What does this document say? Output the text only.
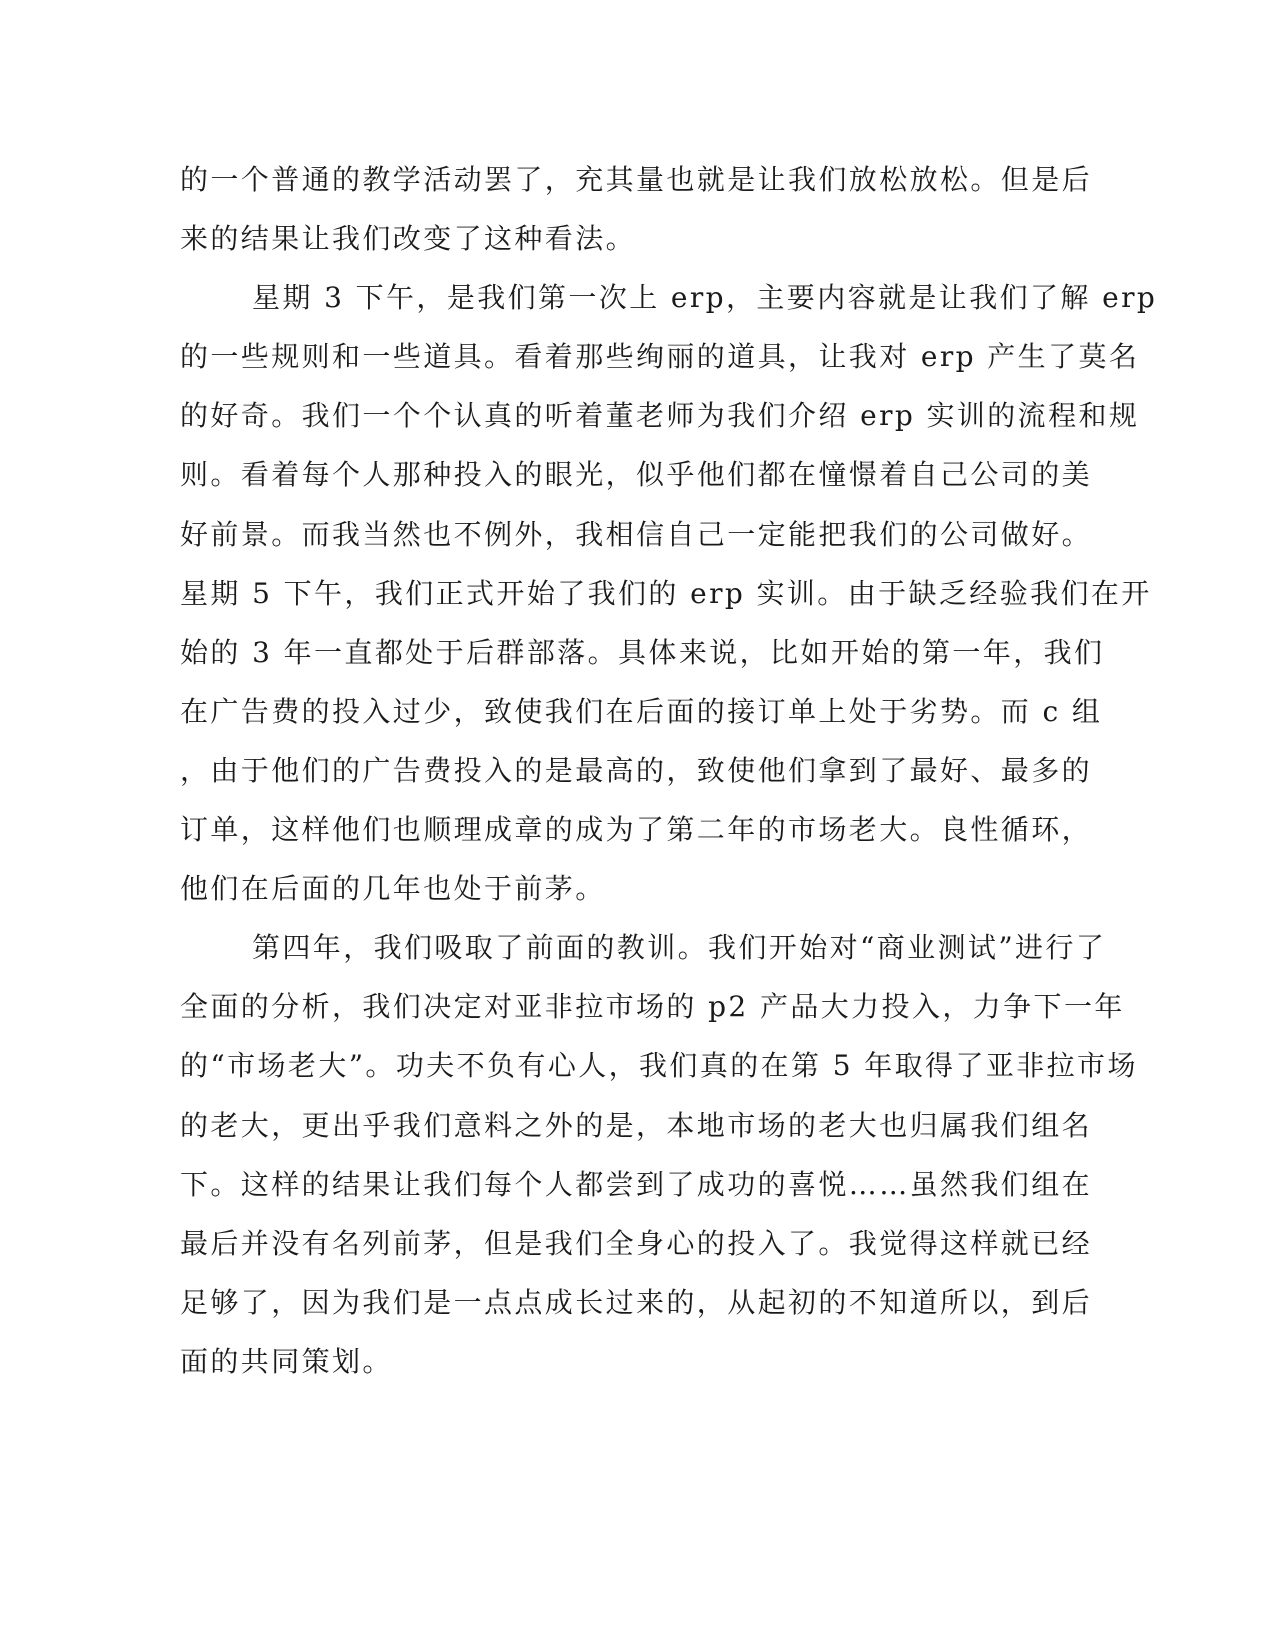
的一个普通的教学活动罢了，充其量也就是让我们放松放松。但是后
来的结果让我们改变了这种看法。
星期 3 下午，是我们第一次上 erp，主要内容就是让我们了解 erp
的一些规则和一些道具。看着那些绚丽的道具，让我对 erp 产生了莫名
的好奇。我们一个个认真的听着董老师为我们介绍 erp 实训的流程和规
则。看着每个人那种投入的眼光，似乎他们都在憧憬着自己公司的美
好前景。而我当然也不例外，我相信自己一定能把我们的公司做好。
星期 5 下午，我们正式开始了我们的 erp 实训。由于缺乏经验我们在开
始的 3 年一直都处于后群部落。具体来说，比如开始的第一年，我们
在广告费的投入过少，致使我们在后面的接订单上处于劣势。而 c 组
，由于他们的广告费投入的是最高的，致使他们拿到了最好、最多的
订单，这样他们也顺理成章的成为了第二年的市场老大。良性循环，
他们在后面的几年也处于前茅。
第四年，我们吸取了前面的教训。我们开始对“商业测试”进行了
全面的分析，我们决定对亚非拉市场的 p2 产品大力投入，力争下一年
的“市场老大”。功夫不负有心人，我们真的在第 5 年取得了亚非拉市场
的老大，更出乎我们意料之外的是，本地市场的老大也归属我们组名
下。这样的结果让我们每个人都尝到了成功的喜悦……虽然我们组在
最后并没有名列前茅，但是我们全身心的投入了。我觉得这样就已经
足够了，因为我们是一点点成长过来的，从起初的不知道所以，到后
面的共同策划。
